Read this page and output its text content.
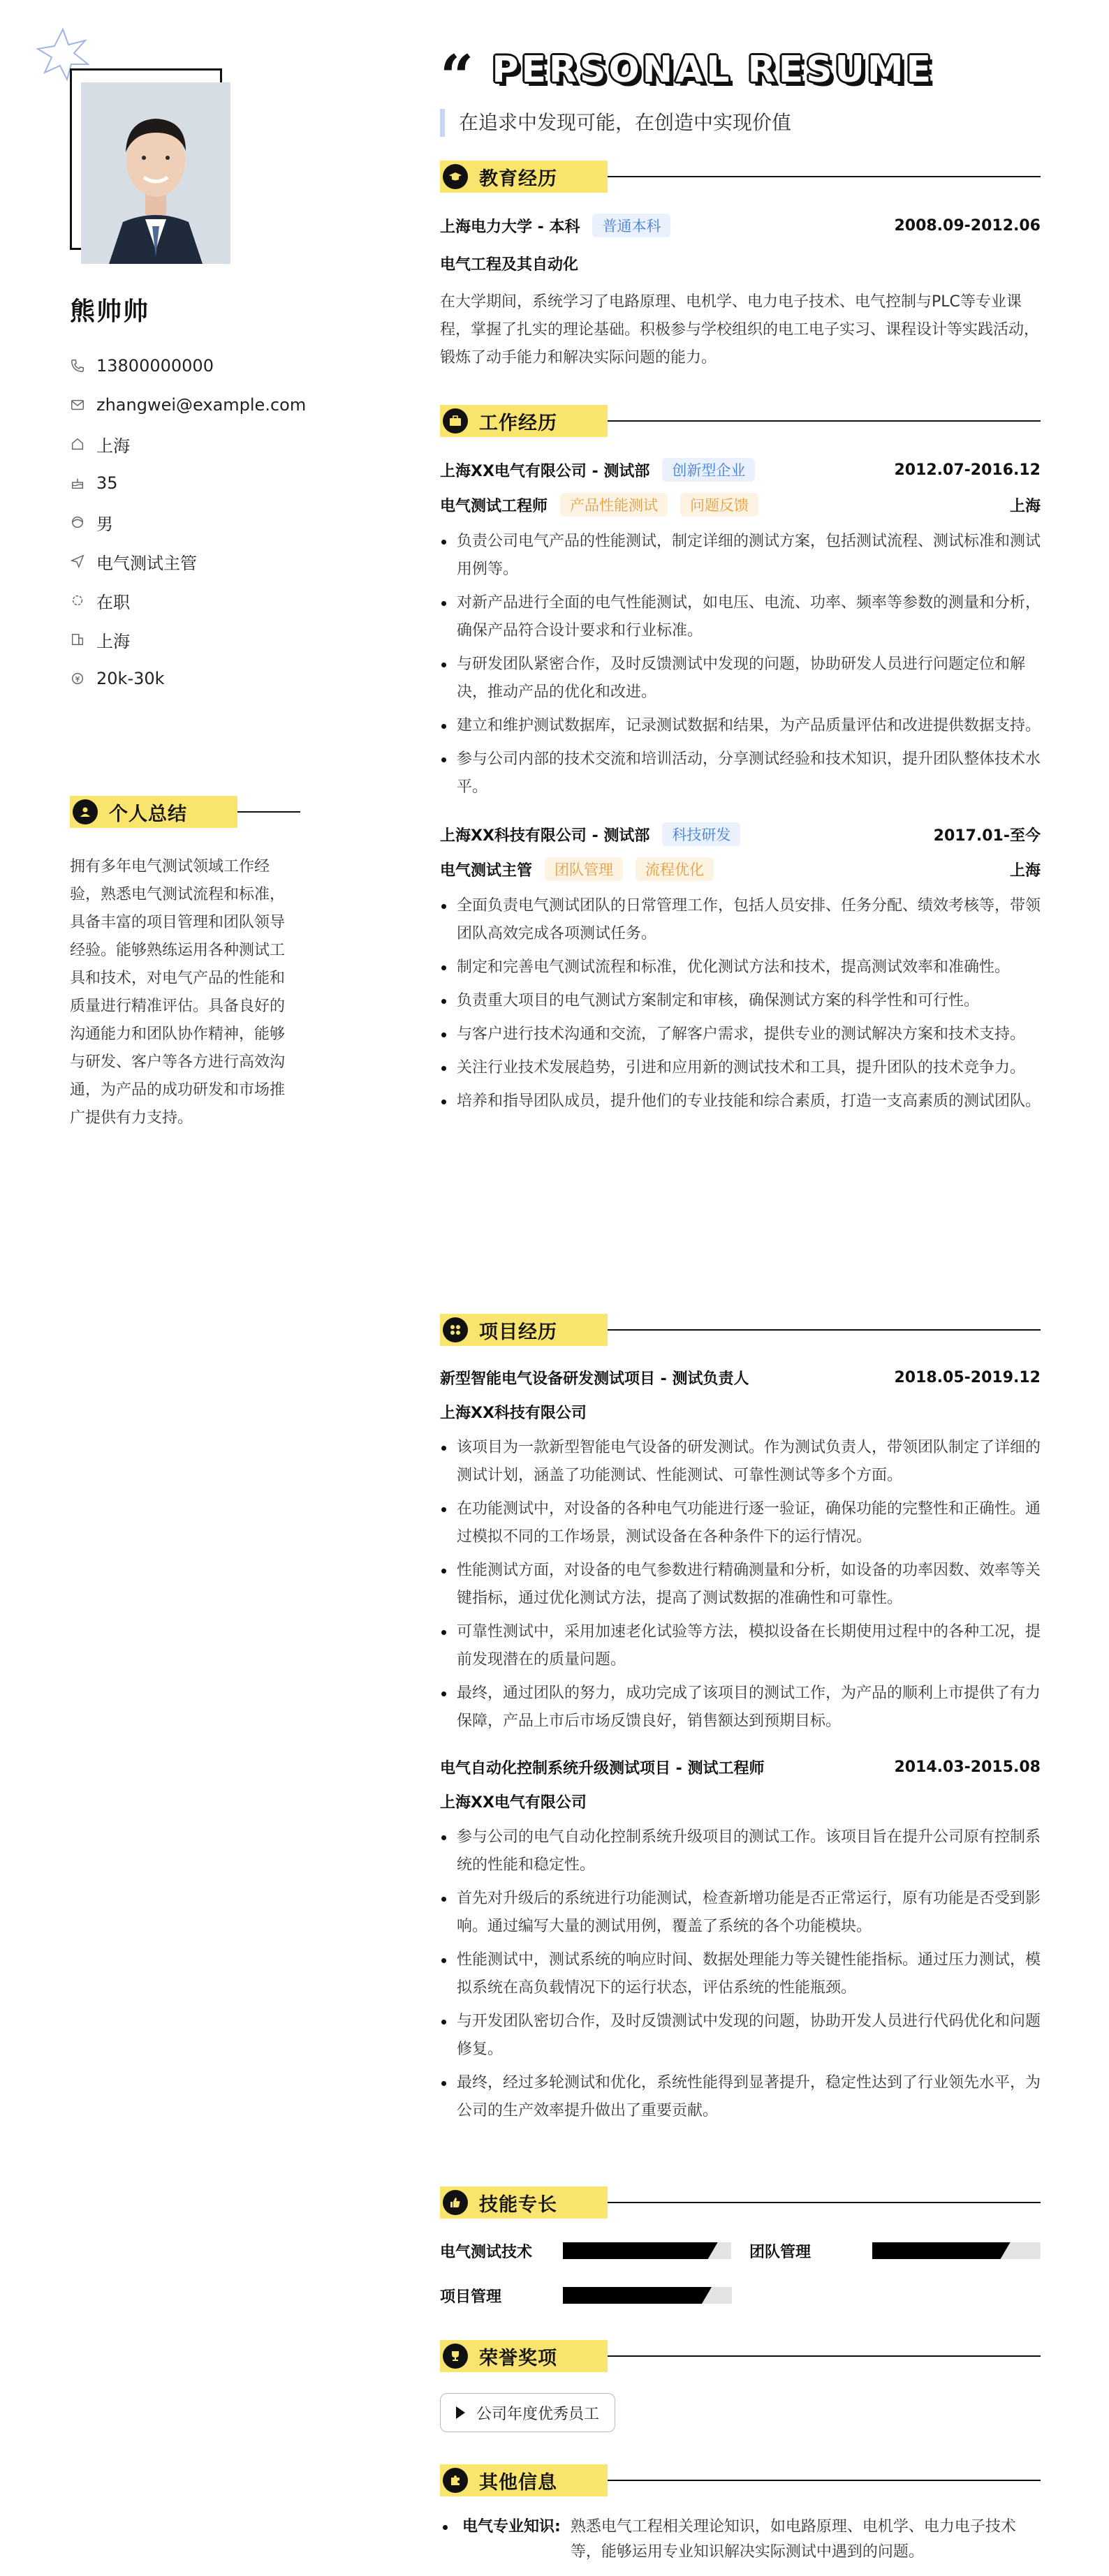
熊帅帅
13800000000
zhangwei@example.com
上海
35
男
电气测试主管
在职
上海
20k-30k
个人总结
拥有多年电气测试领域工作经验，熟悉电气测试流程和标准，具备丰富的项目管理和团队领导经验。能够熟练运用各种测试工具和技术，对电气产品的性能和质量进行精准评估。具备良好的沟通能力和团队协作精神，能够与研发、客户等各方进行高效沟通，为产品的成功研发和市场推广提供有力支持。
“ PERSONAL RESUME
在追求中发现可能，在创造中实现价值
教育经历
上海电力大学 - 本科	普通本科	2008.09-2012.06
电气工程及其自动化
在大学期间，系统学习了电路原理、电机学、电力电子技术、电气控制与PLC等专业课程，掌握了扎实的理论基础。积极参与学校组织的电工电子实习、课程设计等实践活动，锻炼了动手能力和解决实际问题的能力。
工作经历
上海XX电气有限公司 - 测试部	创新型企业	2012.07-2016.12
电气测试工程师	产品性能测试	问题反馈	上海
负责公司电气产品的性能测试，制定详细的测试方案，包括测试流程、测试标准和测试用例等。
对新产品进行全面的电气性能测试，如电压、电流、功率、频率等参数的测量和分析，确保产品符合设计要求和行业标准。
与研发团队紧密合作，及时反馈测试中发现的问题，协助研发人员进行问题定位和解决，推动产品的优化和改进。
建立和维护测试数据库，记录测试数据和结果，为产品质量评估和改进提供数据支持。
参与公司内部的技术交流和培训活动，分享测试经验和技术知识，提升团队整体技术水平。
上海XX科技有限公司 - 测试部	科技研发	2017.01-至今
电气测试主管	团队管理	流程优化	上海
全面负责电气测试团队的日常管理工作，包括人员安排、任务分配、绩效考核等，带领团队高效完成各项测试任务。
制定和完善电气测试流程和标准，优化测试方法和技术，提高测试效率和准确性。
负责重大项目的电气测试方案制定和审核，确保测试方案的科学性和可行性。
与客户进行技术沟通和交流，了解客户需求，提供专业的测试解决方案和技术支持。
关注行业技术发展趋势，引进和应用新的测试技术和工具，提升团队的技术竞争力。
培养和指导团队成员，提升他们的专业技能和综合素质，打造一支高素质的测试团队。
项目经历
新型智能电气设备研发测试项目 - 测试负责人	2018.05-2019.12
上海XX科技有限公司
该项目为一款新型智能电气设备的研发测试。作为测试负责人，带领团队制定了详细的测试计划，涵盖了功能测试、性能测试、可靠性测试等多个方面。
在功能测试中，对设备的各种电气功能进行逐一验证，确保功能的完整性和正确性。通过模拟不同的工作场景，测试设备在各种条件下的运行情况。
性能测试方面，对设备的电气参数进行精确测量和分析，如设备的功率因数、效率等关键指标，通过优化测试方法，提高了测试数据的准确性和可靠性。
可靠性测试中，采用加速老化试验等方法，模拟设备在长期使用过程中的各种工况，提前发现潜在的质量问题。
最终，通过团队的努力，成功完成了该项目的测试工作，为产品的顺利上市提供了有力保障，产品上市后市场反馈良好，销售额达到预期目标。
电气自动化控制系统升级测试项目 - 测试工程师	2014.03-2015.08
上海XX电气有限公司
参与公司的电气自动化控制系统升级项目的测试工作。该项目旨在提升公司原有控制系统的性能和稳定性。
首先对升级后的系统进行功能测试，检查新增功能是否正常运行，原有功能是否受到影响。通过编写大量的测试用例，覆盖了系统的各个功能模块。
性能测试中，测试系统的响应时间、数据处理能力等关键性能指标。通过压力测试，模拟系统在高负载情况下的运行状态，评估系统的性能瓶颈。
与开发团队密切合作，及时反馈测试中发现的问题，协助开发人员进行代码优化和问题修复。
最终，经过多轮测试和优化，系统性能得到显著提升，稳定性达到了行业领先水平，为公司的生产效率提升做出了重要贡献。
技能专长
电气测试技术	团队管理
项目管理
荣誉奖项
公司年度优秀员工
其他信息
电气专业知识: 熟悉电气工程相关理论知识，如电路原理、电机学、电力电子技术等，能够运用专业知识解决实际测试中遇到的问题。
